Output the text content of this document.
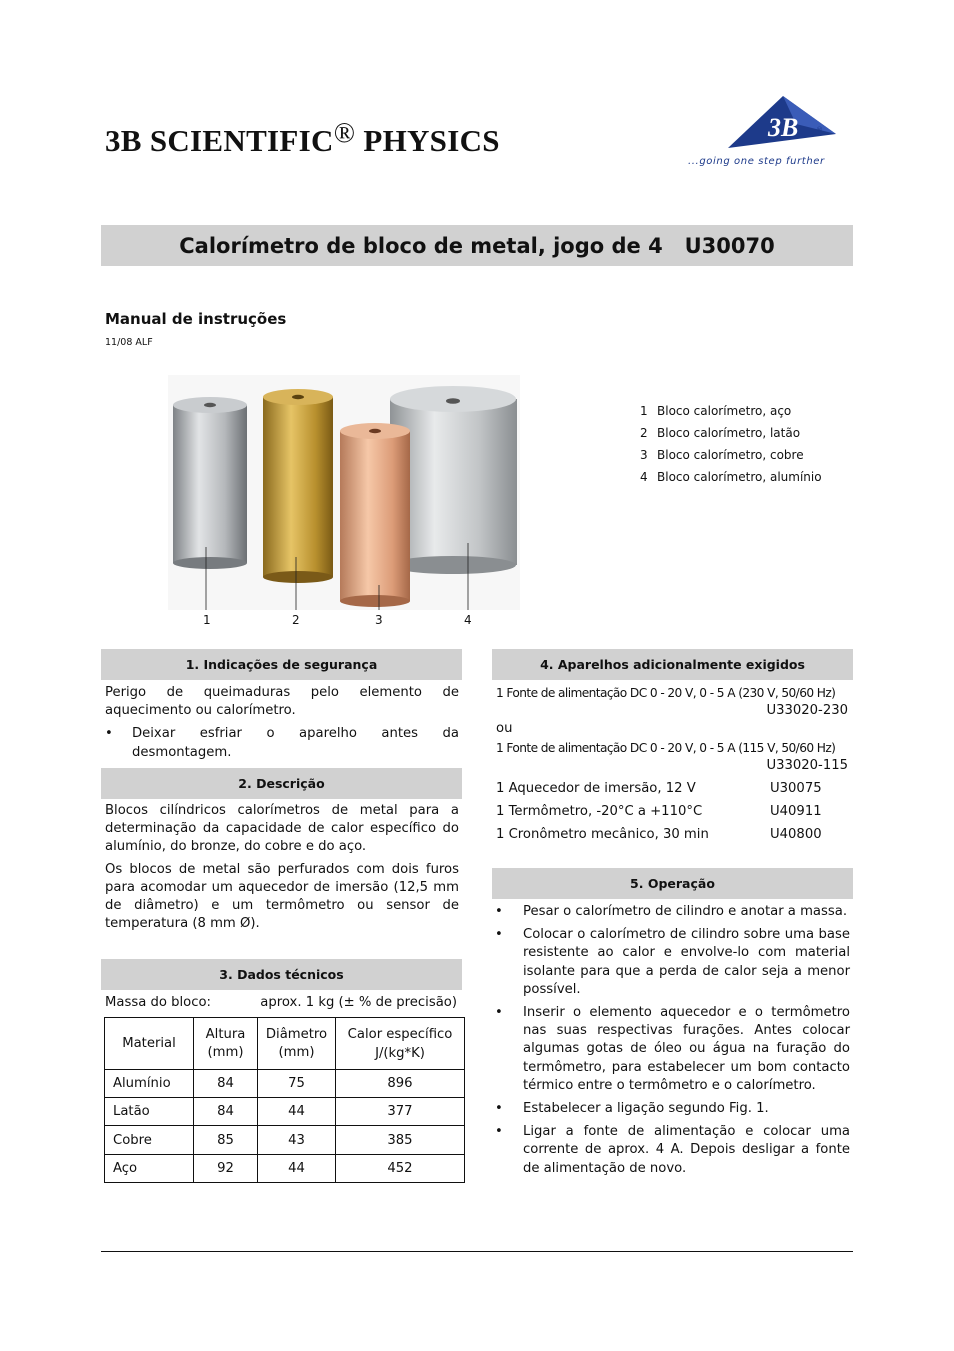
3B SCIENTIFIC® PHYSICS	3B	®
...going one step further
Calorímetro de bloco de metal, jogo de 4   U30070
Manual de instruções
11/08 ALF
1	2	3	4
1 Bloco calorímetro, aço
2 Bloco calorímetro, latão
3 Bloco calorímetro, cobre
4 Bloco calorímetro, alumínio
1. Indicações de segurança
Perigo de queimaduras pelo elemento de aquecimento ou calorímetro.
• Deixar esfriar o aparelho antes da desmontagem.
2. Descrição
Blocos cilíndricos calorímetros de metal para a determinação da capacidade de calor específico do alumínio, do bronze, do cobre e do aço.
Os blocos de metal são perfurados com dois furos para acomodar um aquecedor de imersão (12,5 mm de diâmetro) e um termômetro ou sensor de temperatura (8 mm Ø).
3. Dados técnicos
Massa do bloco:	aprox. 1 kg (± % de precisão)
Material	Altura (mm)	Diâmetro (mm)	Calor específico
J/(kg*K)

Alumínio	84	75	896
Latão	84	44	377
Cobre	85	43	385
Aço	92	44	452
4. Aparelhos adicionalmente exigidos
1 Fonte de alimentação DC 0 - 20 V, 0 - 5 A (230 V, 50/60 Hz)
U33020-230
ou
1 Fonte de alimentação DC 0 - 20 V, 0 - 5 A (115 V, 50/60 Hz)
U33020-115
1 Aquecedor de imersão, 12 V	U30075
1 Termômetro, -20°C a +110°C	U40911
1 Cronômetro mecânico, 30 min	U40800
5. Operação
• Pesar o calorímetro de cilindro e anotar a massa.
• Colocar o calorímetro de cilindro sobre uma base resistente ao calor e envolve-lo com material isolante para que a perda de calor seja a menor possível.
• Inserir o elemento aquecedor e o termômetro nas suas respectivas furações. Antes colocar algumas gotas de óleo ou água na furação do termômetro, para estabelecer um bom contacto térmico entre o termômetro e o calorímetro.
• Estabelecer a ligação segundo Fig. 1.
• Ligar a fonte de alimentação e colocar uma corrente de aprox. 4 A. Depois desligar a fonte de alimentação de novo.
